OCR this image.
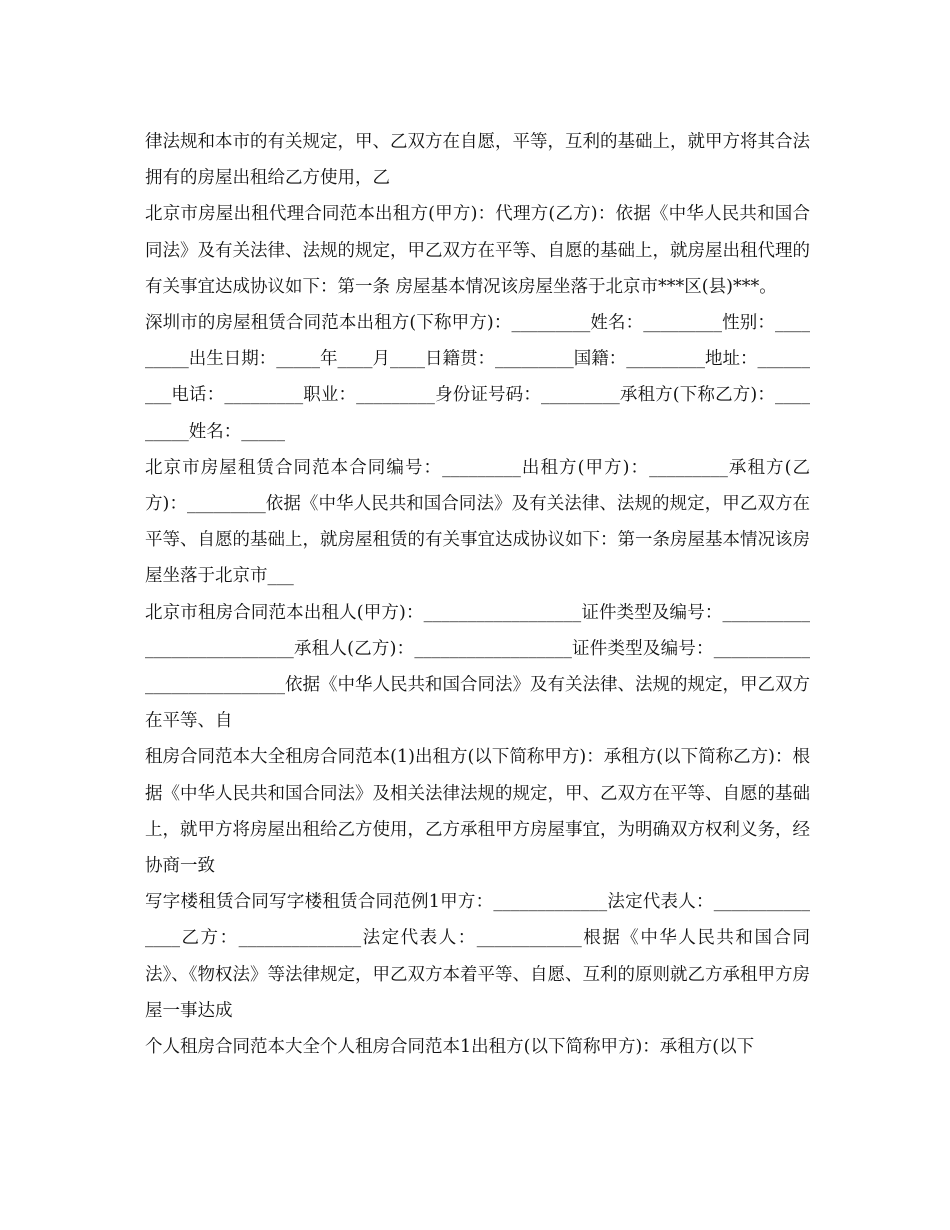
律法规和本市的有关规定，甲、乙双方在自愿，平等，互利的基础上，就甲方将其合法拥有的房屋出租给乙方使用，乙

北京市房屋出租代理合同范本出租方(甲方)：代理方(乙方)：依据《中华人民共和国合同法》及有关法律、法规的规定，甲乙双方在平等、自愿的基础上，就房屋出租代理的有关事宜达成协议如下：第一条 房屋基本情况该房屋坐落于北京市***区(县)***。

深圳市的房屋租赁合同范本出租方(下称甲方)：_________姓名：_________性别：_________出生日期：_____年____月____日籍贯：_________国籍：_________地址：_________电话：_________职业：_________身份证号码：_________承租方(下称乙方)：_________姓名：_____

北京市房屋租赁合同范本合同编号：_________出租方(甲方)：_________承租方(乙方)：_________依据《中华人民共和国合同法》及有关法律、法规的规定，甲乙双方在平等、自愿的基础上，就房屋租赁的有关事宜达成协议如下：第一条房屋基本情况该房屋坐落于北京市___

北京市租房合同范本出租人(甲方)：__________________证件类型及编号：___________________________承租人(乙方)：__________________证件类型及编号：___________________________依据《中华人民共和国合同法》及有关法律、法规的规定，甲乙双方在平等、自

租房合同范本大全租房合同范本(1)出租方(以下简称甲方)：承租方(以下简称乙方)：根据《中华人民共和国合同法》及相关法律法规的规定，甲、乙双方在平等、自愿的基础上，就甲方将房屋出租给乙方使用，乙方承租甲方房屋事宜，为明确双方权利义务，经协商一致

写字楼租赁合同写字楼租赁合同范例1甲方：_____________法定代表人：_______________乙方：______________法定代表人：____________根据《中华人民共和国合同法》、《物权法》等法律规定，甲乙双方本着平等、自愿、互利的原则就乙方承租甲方房屋一事达成

个人租房合同范本大全个人租房合同范本1出租方(以下简称甲方)：承租方(以下
